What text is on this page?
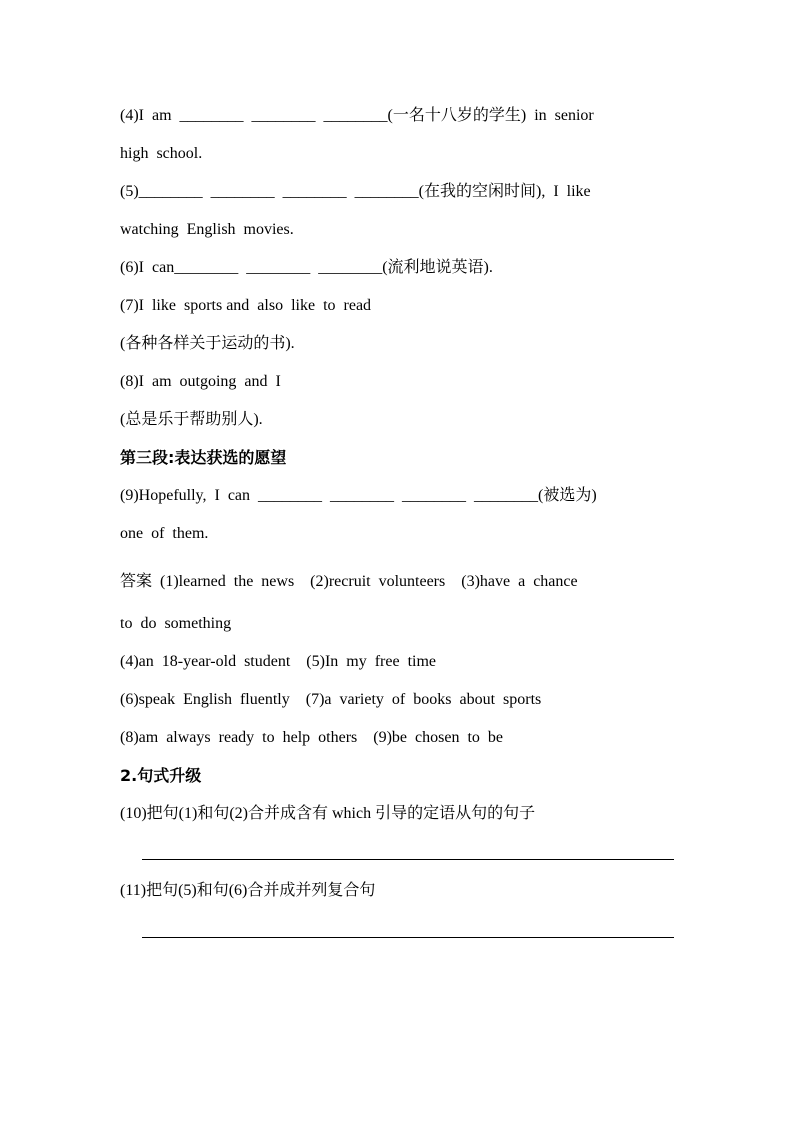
(4)I  am  ________  ________  ________(一名十八岁的学生)  in  senior
high  school.
(5)________  ________  ________  ________(在我的空闲时间),  I  like
watching  English  movies.
(6)I  can________  ________  ________(流利地说英语).
(7)I  like  sports and  also  like  to  read
(各种各样关于运动的书).
(8)I  am  outgoing  and  I
(总是乐于帮助别人).
第三段:表达获选的愿望
(9)Hopefully,  I  can  ________  ________  ________  ________(被选为)
one  of  them.
答案  (1)learned  the  news    (2)recruit  volunteers    (3)have  a  chance
to  do  something
(4)an  18-year-old  student    (5)In  my  free  time
(6)speak  English  fluently    (7)a  variety  of  books  about  sports
(8)am  always  ready  to  help  others    (9)be  chosen  to  be
2.句式升级
(10)把句(1)和句(2)合并成含有 which 引导的定语从句的句子
(11)把句(5)和句(6)合并成并列复合句
